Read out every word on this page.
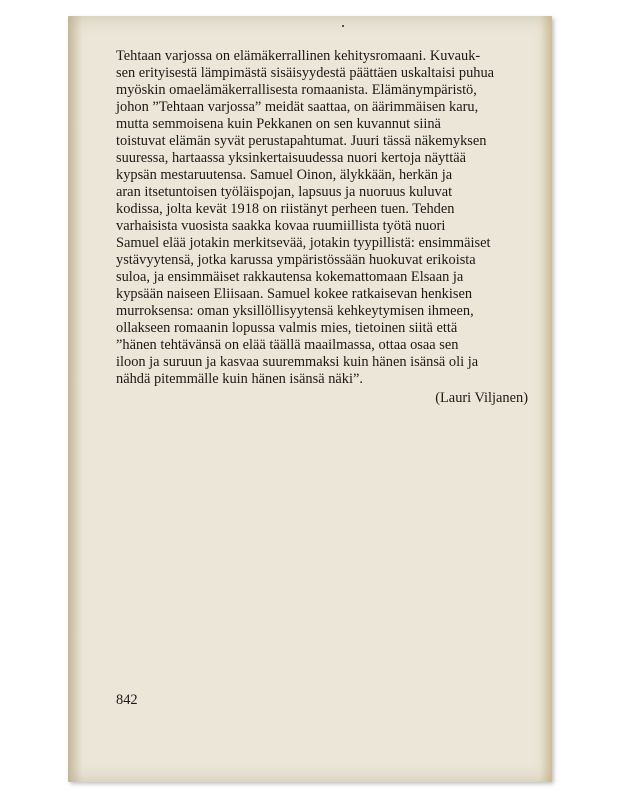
Tehtaan varjossa on elämäkerrallinen kehitysromaani. Kuvauk-
sen erityisestä lämpimästä sisäisyydestä päättäen uskaltaisi puhua
myöskin omaelämäkerrallisesta romaanista. Elämänympäristö,
johon ”Tehtaan varjossa” meidät saattaa, on äärimmäisen karu,
mutta semmoisena kuin Pekkanen on sen kuvannut siinä
toistuvat elämän syvät perustapahtumat. Juuri tässä näkemyksen
suuressa, hartaassa yksinkertaisuudessa nuori kertoja näyttää
kypsän mestaruutensa. Samuel Oinon, älykkään, herkän ja
aran itsetuntoisen työläispojan, lapsuus ja nuoruus kuluvat
kodissa, jolta kevät 1918 on riistänyt perheen tuen. Tehden
varhaisista vuosista saakka kovaa ruumiillista työtä nuori
Samuel elää jotakin merkitsevää, jotakin tyypillistä: ensimmäiset
ystävyytensä, jotka karussa ympäristössään huokuvat erikoista
suloa, ja ensimmäiset rakkautensa kokemattomaan Elsaan ja
kypsään naiseen Eliisaan. Samuel kokee ratkaisevan henkisen
murroksensa: oman yksillöllisyytensä kehkeytymisen ihmeen,
ollakseen romaanin lopussa valmis mies, tietoinen siitä että
”hänen tehtävänsä on elää täällä maailmassa, ottaa osaa sen
iloon ja suruun ja kasvaa suuremmaksi kuin hänen isänsä oli ja
nähdä pitemmälle kuin hänen isänsä näki”.
(Lauri Viljanen)
842
